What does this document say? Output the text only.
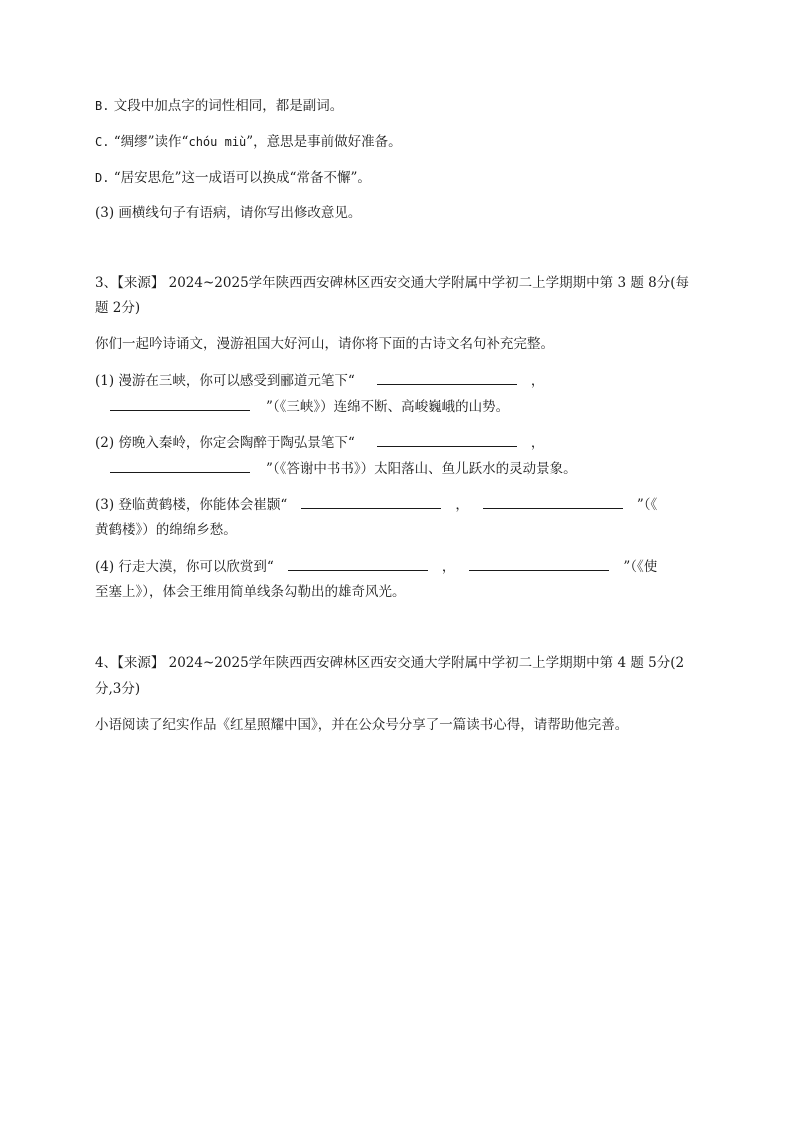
B. 文段中加点字的词性相同，都是副词。
C. “绸缪”读作“chóu miù”，意思是事前做好准备。
D. “居安思危”这一成语可以换成“常备不懈”。
(3) 画横线句子有语病，请你写出修改意见。
3、【来源】 2024~2025学年陕西西安碑林区西安交通大学附属中学初二上学期期中第 3 题 8分(每
题 2分)
你们一起吟诗诵文，漫游祖国大好河山，请你将下面的古诗文名句补充完整。
(1) 漫游在三峡，你可以感受到郦道元笔下“	，
”（《三峡》）连绵不断、高峻巍峨的山势。
(2) 傍晚入秦岭，你定会陶醉于陶弘景笔下“	，
”（《答谢中书书》）太阳落山、鱼儿跃水的灵动景象。
(3) 登临黄鹤楼，你能体会崔颢“	，	”（《
黄鹤楼》）的绵绵乡愁。
(4) 行走大漠，你可以欣赏到“	，	”（《使
至塞上》），体会王维用简单线条勾勒出的雄奇风光。
4、【来源】 2024~2025学年陕西西安碑林区西安交通大学附属中学初二上学期期中第 4 题 5分(2
分,3分)
小语阅读了纪实作品《红星照耀中国》，并在公众号分享了一篇读书心得，请帮助他完善。
